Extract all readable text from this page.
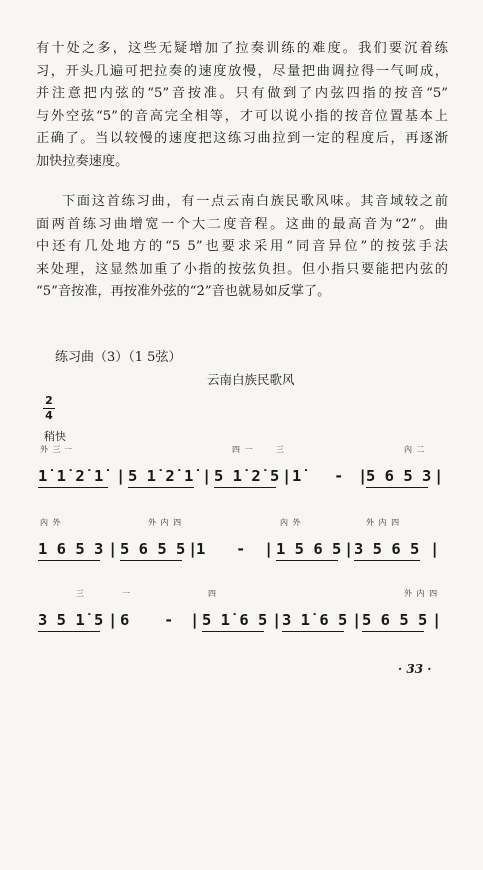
有十处之多，这些无疑增加了拉奏训练的难度。我们要沉着练
习，开头几遍可把拉奏的速度放慢，尽量把曲调拉得一气呵成，
并注意把内弦的“5”音按准。只有做到了内弦四指的按音“5”
与外空弦“5”的音高完全相等，才可以说小指的按音位置基本上
正确了。当以较慢的速度把这练习曲拉到一定的程度后，再逐渐
加快拉奏速度。
下面这首练习曲，有一点云南白族民歌风味。其音域较之前
面两首练习曲增宽一个大二度音程。这曲的最高音为“2̇”。曲
中还有几处地方的“5 5”也要求采用“同音异位”的按弦手法
来处理，这显然加重了小指的按弦负担。但小指只要能把内弦的
“5”音按准，再按准外弦的“2̇”音也就易如反掌了。
练习曲（3）（1 5弦）
云南白族民歌风
2
4
稍快
外 三 一	四 一	三	內 二

1̇ 1̇ 2̇ 1̇

|

5 1̇ 2̇ 1̇

|

5 1̇ 2̇ 5

|

1̇

-

|

5 6 5 3

|

內 外	外 内 四	內 外	外 内 四

1 6 5 3

|

5 6 5 5

|

1

-

|

1 5 6 5

|

3 5 6 5

|

三	一	四	外 内 四

3 5 1̇ 5

|

6

-

|

5 1̇ 6 5

|

3 1̇ 6 5

|

5 6 5 5

|

· 33 ·
